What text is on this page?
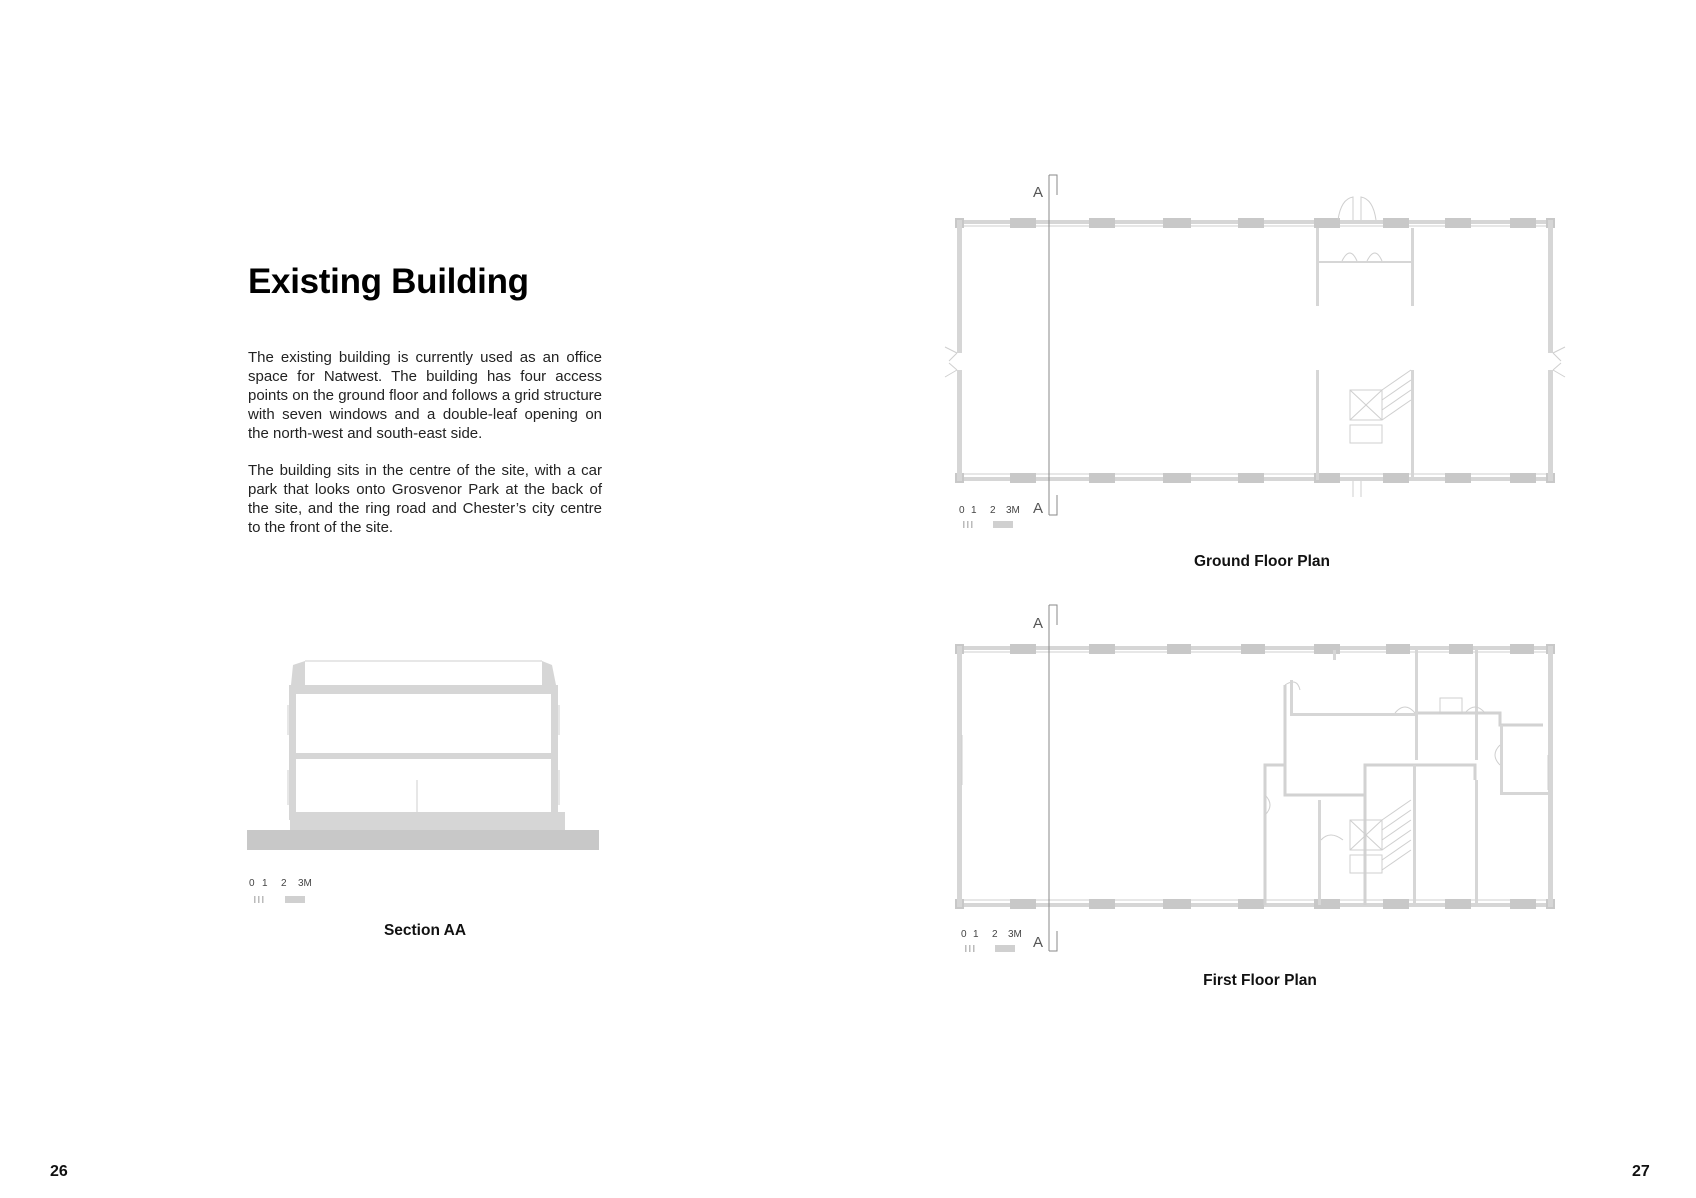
Existing Building

The existing building is currently used as an office space for Natwest. The building has four access points on the ground floor and follows a grid structure with seven windows and a double-leaf opening on the north-west and south-east side.

The building sits in the centre of the site, with a car park that looks onto Grosvenor Park at the back of the site, and the ring road and Chester’s city centre to the front of the site.

0 1 2 3M
Section AA
A
A
0 1 2 3M
Ground Floor Plan
A
A
0 1 2 3M
First Floor Plan
26	27
